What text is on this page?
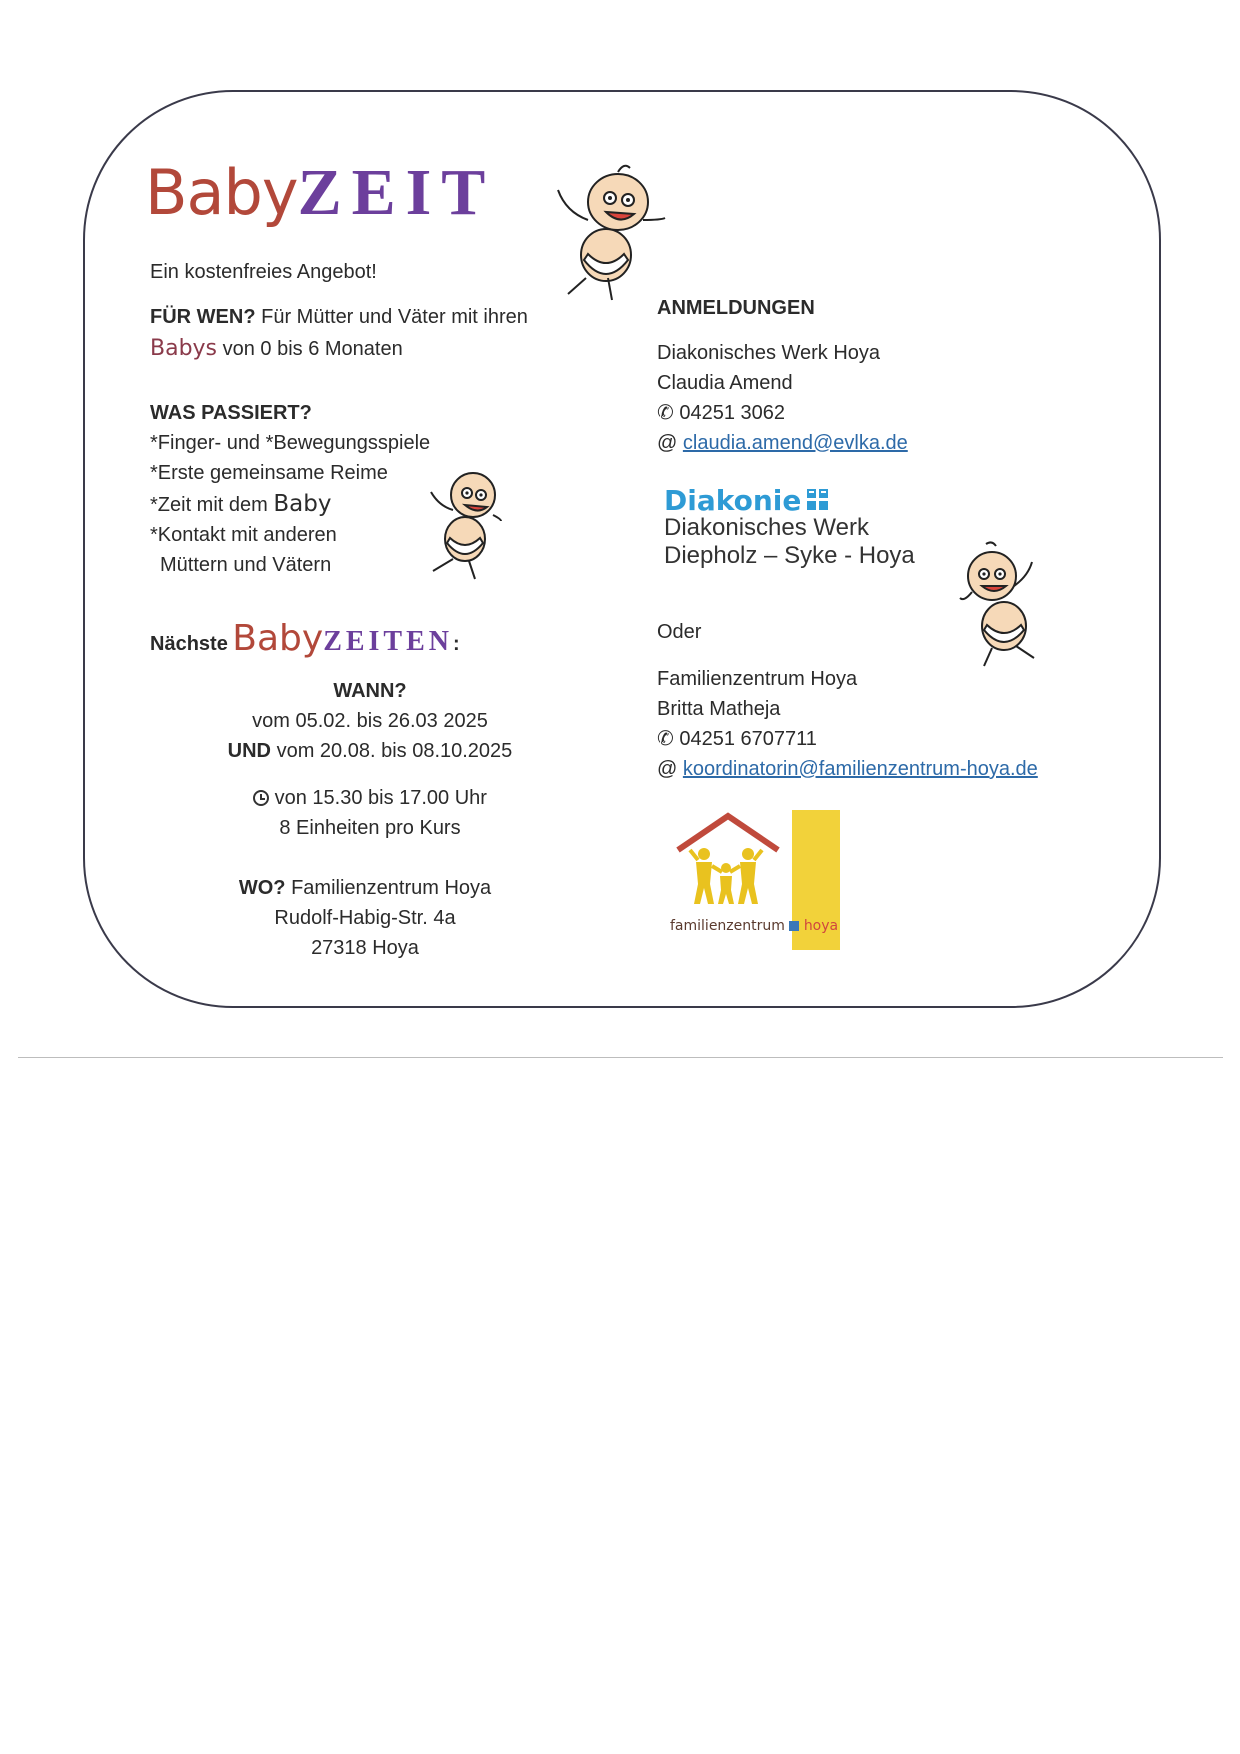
BabyZEIT
Ein kostenfreies Angebot!
FÜR WEN? Für Mütter und Väter mit ihren
Babys von 0 bis 6 Monaten
WAS PASSIERT?
*Finger- und *Bewegungsspiele
*Erste gemeinsame Reime
*Zeit mit dem Baby
*Kontakt mit anderen
Müttern und Vätern
Nächste BabyZEITEN:
WANN?
vom 05.02. bis 26.03 2025
UND vom 20.08. bis 08.10.2025
von 15.30 bis 17.00 Uhr
8 Einheiten pro Kurs
WO? Familienzentrum Hoya
Rudolf-Habig-Str. 4a
27318 Hoya
ANMELDUNGEN
Diakonisches Werk Hoya
Claudia Amend
✆ 04251 3062
@ claudia.amend@evlka.de
Diakonie
Diakonisches Werk
Diepholz – Syke - Hoya
Oder
Familienzentrum Hoya
Britta Matheja
✆ 04251 6707711
@ koordinatorin@familienzentrum-hoya.de
familienzentrum hoya
